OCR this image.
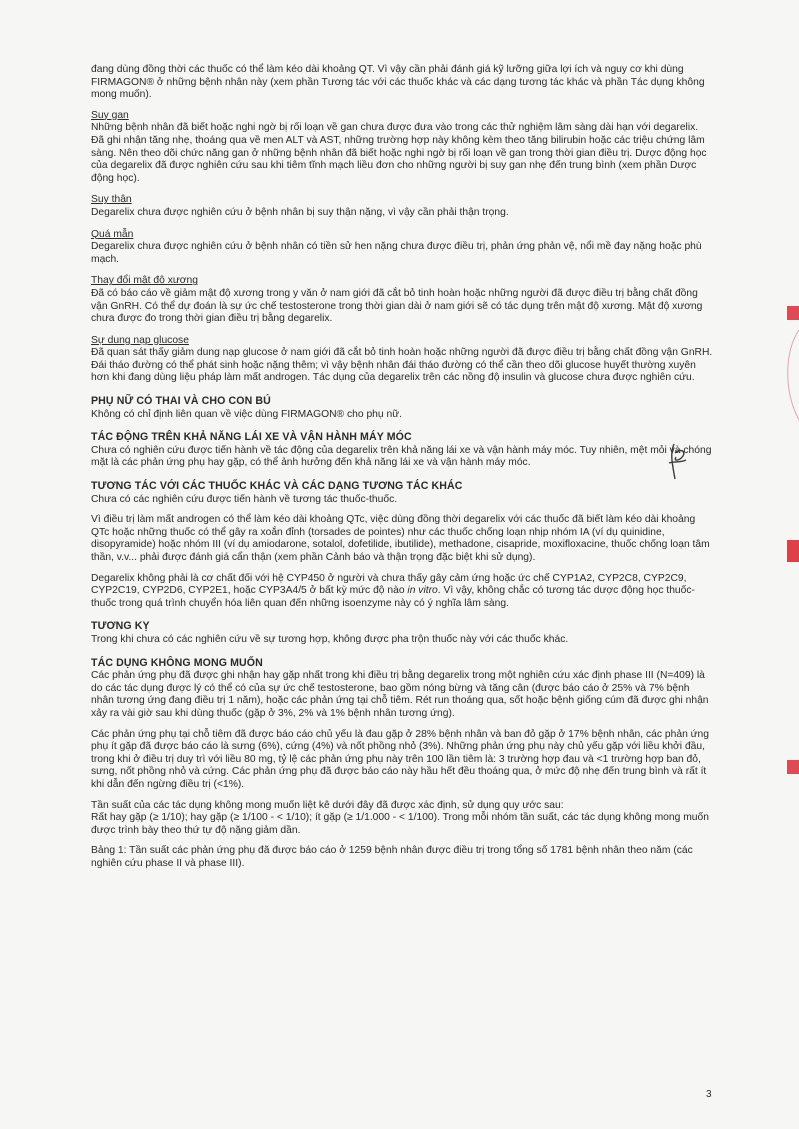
đang dùng đồng thời các thuốc có thể làm kéo dài khoảng QT. Vì vậy cần phải đánh giá kỹ lưỡng giữa lợi ích và nguy cơ khi dùng FIRMAGON® ở những bệnh nhân này (xem phần Tương tác với các thuốc khác và các dạng tương tác khác và phần Tác dụng không mong muốn).

Suy gan
Những bệnh nhân đã biết hoặc nghi ngờ bị rối loạn về gan chưa được đưa vào trong các thử nghiệm lâm sàng dài hạn với degarelix. Đã ghi nhận tăng nhẹ, thoáng qua về men ALT và AST, những trường hợp này không kèm theo tăng bilirubin hoặc các triệu chứng lâm sàng. Nên theo dõi chức năng gan ở những bệnh nhân đã biết hoặc nghi ngờ bị rối loạn về gan trong thời gian điều trị. Dược động học của degarelix đã được nghiên cứu sau khi tiêm tĩnh mạch liều đơn cho những người bị suy gan nhẹ đến trung bình (xem phần Dược động học).
Suy thận
Degarelix chưa được nghiên cứu ở bệnh nhân bị suy thận nặng, vì vậy cần phải thận trọng.
Quá mẫn
Degarelix chưa được nghiên cứu ở bệnh nhân có tiền sử hen nặng chưa được điều trị, phản ứng phản vệ, nổi mề đay nặng hoặc phù mạch.
Thay đổi mật độ xương
Đã có báo cáo về giảm mật độ xương trong y văn ở nam giới đã cắt bỏ tinh hoàn hoặc những người đã được điều trị bằng chất đồng vận GnRH. Có thể dự đoán là sự ức chế testosterone trong thời gian dài ở nam giới sẽ có tác dụng trên mật độ xương. Mật độ xương chưa được đo trong thời gian điều trị bằng degarelix.
Sự dung nạp glucose
Đã quan sát thấy giảm dung nạp glucose ở nam giới đã cắt bỏ tinh hoàn hoặc những người đã được điều trị bằng chất đồng vận GnRH. Đái tháo đường có thể phát sinh hoặc nặng thêm; vì vậy bệnh nhân đái tháo đường có thể cần theo dõi glucose huyết thường xuyên hơn khi đang dùng liệu pháp làm mất androgen. Tác dụng của degarelix trên các nồng độ insulin và glucose chưa được nghiên cứu.
PHỤ NỮ CÓ THAI VÀ CHO CON BÚ
Không có chỉ định liên quan về việc dùng FIRMAGON® cho phụ nữ.
TÁC ĐỘNG TRÊN KHẢ NĂNG LÁI XE VÀ VẬN HÀNH MÁY MÓC
Chưa có nghiên cứu được tiến hành về tác động của degarelix trên khả năng lái xe và vận hành máy móc. Tuy nhiên, mệt mỏi và chóng mặt là các phản ứng phụ hay gặp, có thể ảnh hưởng đến khả năng lái xe và vận hành máy móc.
TƯƠNG TÁC VỚI CÁC THUỐC KHÁC VÀ CÁC DẠNG TƯƠNG TÁC KHÁC

Chưa có các nghiên cứu được tiến hành về tương tác thuốc-thuốc.

Vì điều trị làm mất androgen có thể làm kéo dài khoảng QTc, việc dùng đồng thời degarelix với các thuốc đã biết làm kéo dài khoảng QTc hoặc những thuốc có thể gây ra xoắn đỉnh (torsades de pointes) như các thuốc chống loạn nhịp nhóm IA (ví dụ quinidine, disopyramide) hoặc nhóm III (ví dụ amiodarone, sotalol, dofetilide, ibutilide), methadone, cisapride, moxifloxacine, thuốc chống loạn tâm thần, v.v... phải được đánh giá cẩn thận (xem phần Cảnh báo và thận trọng đặc biệt khi sử dụng).

Degarelix không phải là cơ chất đối với hệ CYP450 ở người và chưa thấy gây cảm ứng hoặc ức chế CYP1A2, CYP2C8, CYP2C9, CYP2C19, CYP2D6, CYP2E1, hoặc CYP3A4/5 ở bất kỳ mức độ nào in vitro. Vì vậy, không chắc có tương tác dược động học thuốc-thuốc trong quá trình chuyển hóa liên quan đến những isoenzyme này có ý nghĩa lâm sàng.

TƯƠNG KỴ
Trong khi chưa có các nghiên cứu về sự tương hợp, không được pha trộn thuốc này với các thuốc khác.
TÁC DỤNG KHÔNG MONG MUỐN

Các phản ứng phụ đã được ghi nhận hay gặp nhất trong khi điều trị bằng degarelix trong một nghiên cứu xác định phase III (N=409) là do các tác dụng được lý có thể có của sự ức chế testosterone, bao gồm nóng bừng và tăng cân (được báo cáo ở 25% và 7% bệnh nhân tương ứng đang điều trị 1 năm), hoặc các phản ứng tại chỗ tiêm. Rét run thoáng qua, sốt hoặc bệnh giống cúm đã được ghi nhận xảy ra vài giờ sau khi dùng thuốc (gặp ở 3%, 2% và 1% bệnh nhân tương ứng).

Các phản ứng phụ tại chỗ tiêm đã được báo cáo chủ yếu là đau gặp ở 28% bệnh nhân và ban đỏ gặp ở 17% bệnh nhân, các phản ứng phụ ít gặp đã được báo cáo là sưng (6%), cứng (4%) và nốt phồng nhỏ (3%). Những phản ứng phụ này chủ yếu gặp với liều khởi đầu, trong khi ở điều trị duy trì với liều 80 mg, tỷ lệ các phản ứng phụ này trên 100 lần tiêm là: 3 trường hợp đau và <1 trường hợp ban đỏ, sưng, nốt phồng nhỏ và cứng. Các phản ứng phụ đã được báo cáo này hầu hết đều thoáng qua, ở mức độ nhẹ đến trung bình và rất ít khi dẫn đến ngừng điều trị (<1%).

Tần suất của các tác dụng không mong muốn liệt kê dưới đây đã được xác định, sử dụng quy ước sau:
Rất hay gặp (≥ 1/10); hay gặp (≥ 1/100 - < 1/10); ít gặp (≥ 1/1.000 - < 1/100). Trong mỗi nhóm tần suất, các tác dụng không mong muốn được trình bày theo thứ tự độ nặng giảm dần.

Bảng 1: Tần suất các phản ứng phụ đã được báo cáo ở 1259 bệnh nhân được điều trị trong tổng số 1781 bệnh nhân theo năm (các nghiên cứu phase II và phase III).

3
